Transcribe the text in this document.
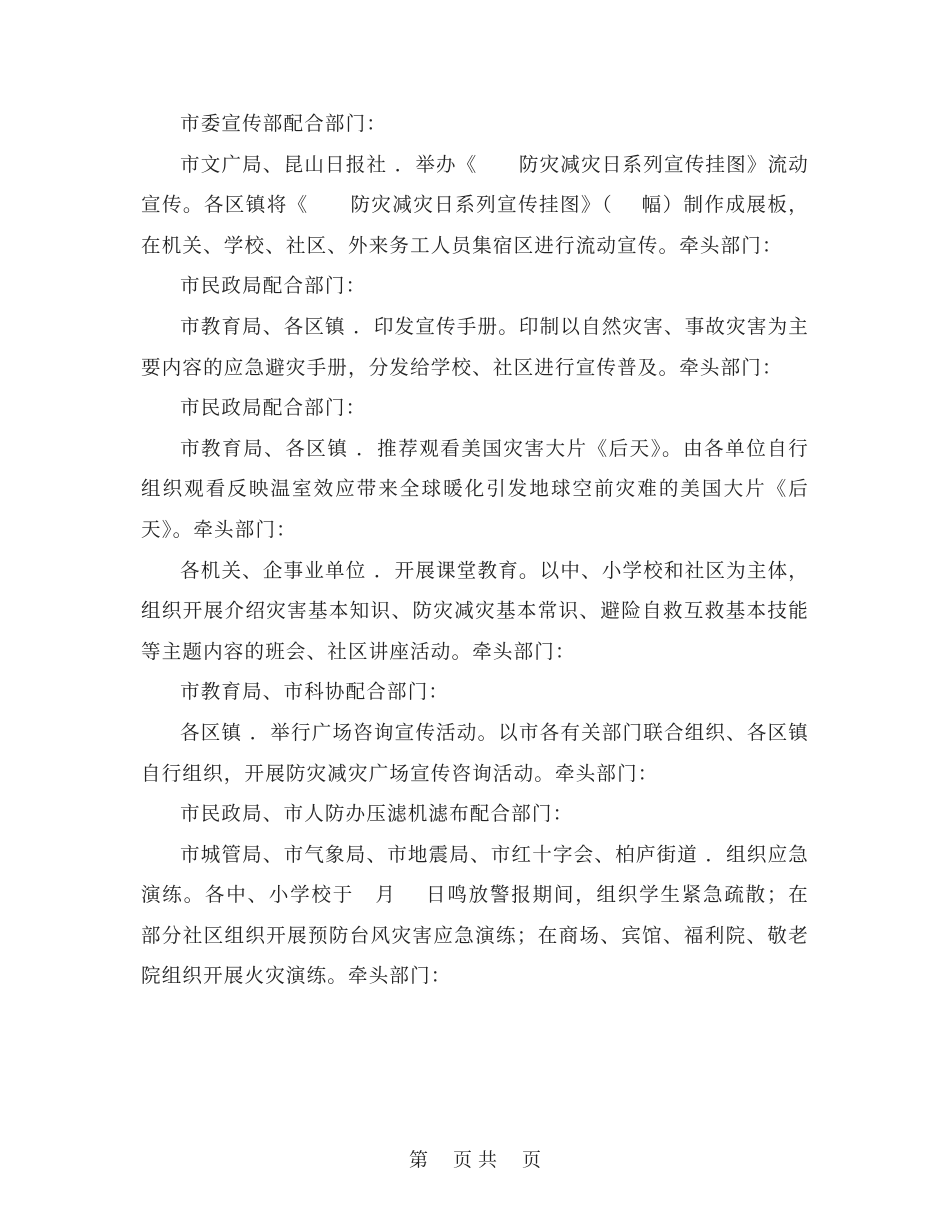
市委宣传部配合部门：

市文广局、昆山日报社 ．举办《　　防灾减灾日系列宣传挂图》流动宣传。各区镇将《　　防灾减灾日系列宣传挂图》（　 幅）制作成展板，在机关、学校、社区、外来务工人员集宿区进行流动宣传。牵头部门：

市民政局配合部门：

市教育局、各区镇 ．印发宣传手册。印制以自然灾害、事故灾害为主要内容的应急避灾手册，分发给学校、社区进行宣传普及。牵头部门：

市民政局配合部门：

市教育局、各区镇 ．推荐观看美国灾害大片《后天》。由各单位自行组织观看反映温室效应带来全球暖化引发地球空前灾难的美国大片《后天》。牵头部门：

各机关、企事业单位 ．开展课堂教育。以中、小学校和社区为主体，组织开展介绍灾害基本知识、防灾减灾基本常识、避险自救互救基本技能等主题内容的班会、社区讲座活动。牵头部门：

市教育局、市科协配合部门：

各区镇 ．举行广场咨询宣传活动。以市各有关部门联合组织、各区镇自行组织，开展防灾减灾广场宣传咨询活动。牵头部门：

市民政局、市人防办压滤机滤布配合部门：

市城管局、市气象局、市地震局、市红十字会、柏庐街道 ．组织应急演练。各中、小学校于　月　 日鸣放警报期间，组织学生紧急疏散；在部分社区组织开展预防台风灾害应急演练；在商场、宾馆、福利院、敬老院组织开展火灾演练。牵头部门：

第　 页 共　 页
